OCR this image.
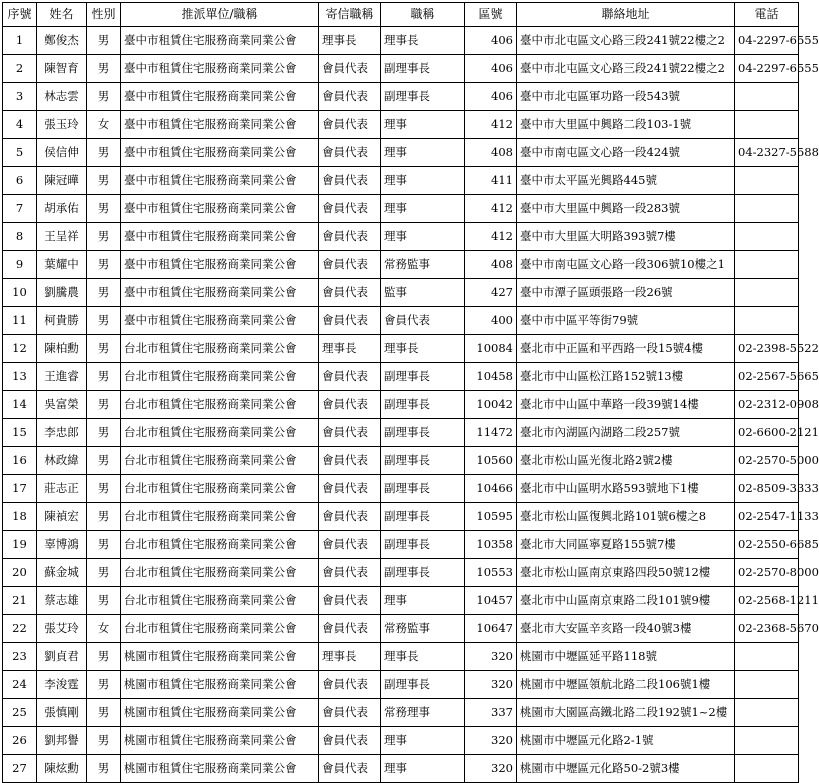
序號	姓名	性別	推派單位/職稱	寄信職稱	職稱	區號	聯絡地址	電話
1	鄭俊杰	男	臺中市租賃住宅服務商業同業公會	理事長	理事長	406	臺中市北屯區文心路三段241號22樓之2	04-2297-6555
2	陳智育	男	臺中市租賃住宅服務商業同業公會	會員代表	副理事長	406	臺中市北屯區文心路三段241號22樓之2	04-2297-6555
3	林志雲	男	臺中市租賃住宅服務商業同業公會	會員代表	副理事長	406	臺中市北屯區軍功路一段543號	
4	張玉玲	女	臺中市租賃住宅服務商業同業公會	會員代表	理事	412	臺中市大里區中興路二段103-1號	
5	侯信伸	男	臺中市租賃住宅服務商業同業公會	會員代表	理事	408	臺中市南屯區文心路一段424號	04-2327-5588
6	陳冠曄	男	臺中市租賃住宅服務商業同業公會	會員代表	理事	411	臺中市太平區光興路445號	
7	胡承佑	男	臺中市租賃住宅服務商業同業公會	會員代表	理事	412	臺中市大里區中興路一段283號	
8	王呈祥	男	臺中市租賃住宅服務商業同業公會	會員代表	理事	412	臺中市大里區大明路393號7樓	
9	葉耀中	男	臺中市租賃住宅服務商業同業公會	會員代表	常務監事	408	臺中市南屯區文心路一段306號10樓之1	
10	劉騰農	男	臺中市租賃住宅服務商業同業公會	會員代表	監事	427	臺中市潭子區頭張路一段26號	
11	柯貴勝	男	臺中市租賃住宅服務商業同業公會	會員代表	會員代表	400	臺中市中區平等街79號	
12	陳柏勳	男	台北市租賃住宅服務商業同業公會	理事長	理事長	10084	臺北市中正區和平西路一段15號4樓	02-2398-5522
13	王進睿	男	台北市租賃住宅服務商業同業公會	會員代表	副理事長	10458	臺北市中山區松江路152號13樓	02-2567-5665
14	吳富榮	男	台北市租賃住宅服務商業同業公會	會員代表	副理事長	10042	臺北市中山區中華路一段39號14樓	02-2312-0908
15	李忠郎	男	台北市租賃住宅服務商業同業公會	會員代表	副理事長	11472	臺北市內湖區內湖路二段257號	02-6600-2121
16	林政緯	男	台北市租賃住宅服務商業同業公會	會員代表	副理事長	10560	臺北市松山區光復北路2號2樓	02-2570-5000
17	莊志正	男	台北市租賃住宅服務商業同業公會	會員代表	副理事長	10466	臺北市中山區明水路593號地下1樓	02-8509-3333
18	陳禎宏	男	台北市租賃住宅服務商業同業公會	會員代表	副理事長	10595	臺北市松山區復興北路101號6樓之8	02-2547-1133
19	辜博鴻	男	台北市租賃住宅服務商業同業公會	會員代表	副理事長	10358	臺北市大同區寧夏路155號7樓	02-2550-6685
20	蘇金城	男	台北市租賃住宅服務商業同業公會	會員代表	副理事長	10553	臺北市松山區南京東路四段50號12樓	02-2570-8000
21	蔡志雄	男	台北市租賃住宅服務商業同業公會	會員代表	理事	10457	臺北市中山區南京東路二段101號9樓	02-2568-1211
22	張艾玲	女	台北市租賃住宅服務商業同業公會	會員代表	常務監事	10647	臺北市大安區辛亥路一段40號3樓	02-2368-5670
23	劉貞君	男	桃園市租賃住宅服務商業同業公會	理事長	理事長	320	桃園市中壢區延平路118號	
24	李浚霆	男	桃園市租賃住宅服務商業同業公會	會員代表	副理事長	320	桃園市中壢區領航北路二段106號1樓	
25	張慎剛	男	桃園市租賃住宅服務商業同業公會	會員代表	常務理事	337	桃園市大園區高鐵北路二段192號1~2樓	
26	劉邦譽	男	桃園市租賃住宅服務商業同業公會	會員代表	理事	320	桃園市中壢區元化路2-1號	
27	陳炫勳	男	桃園市租賃住宅服務商業同業公會	會員代表	理事	320	桃園市中壢區元化路50-2號3樓	
